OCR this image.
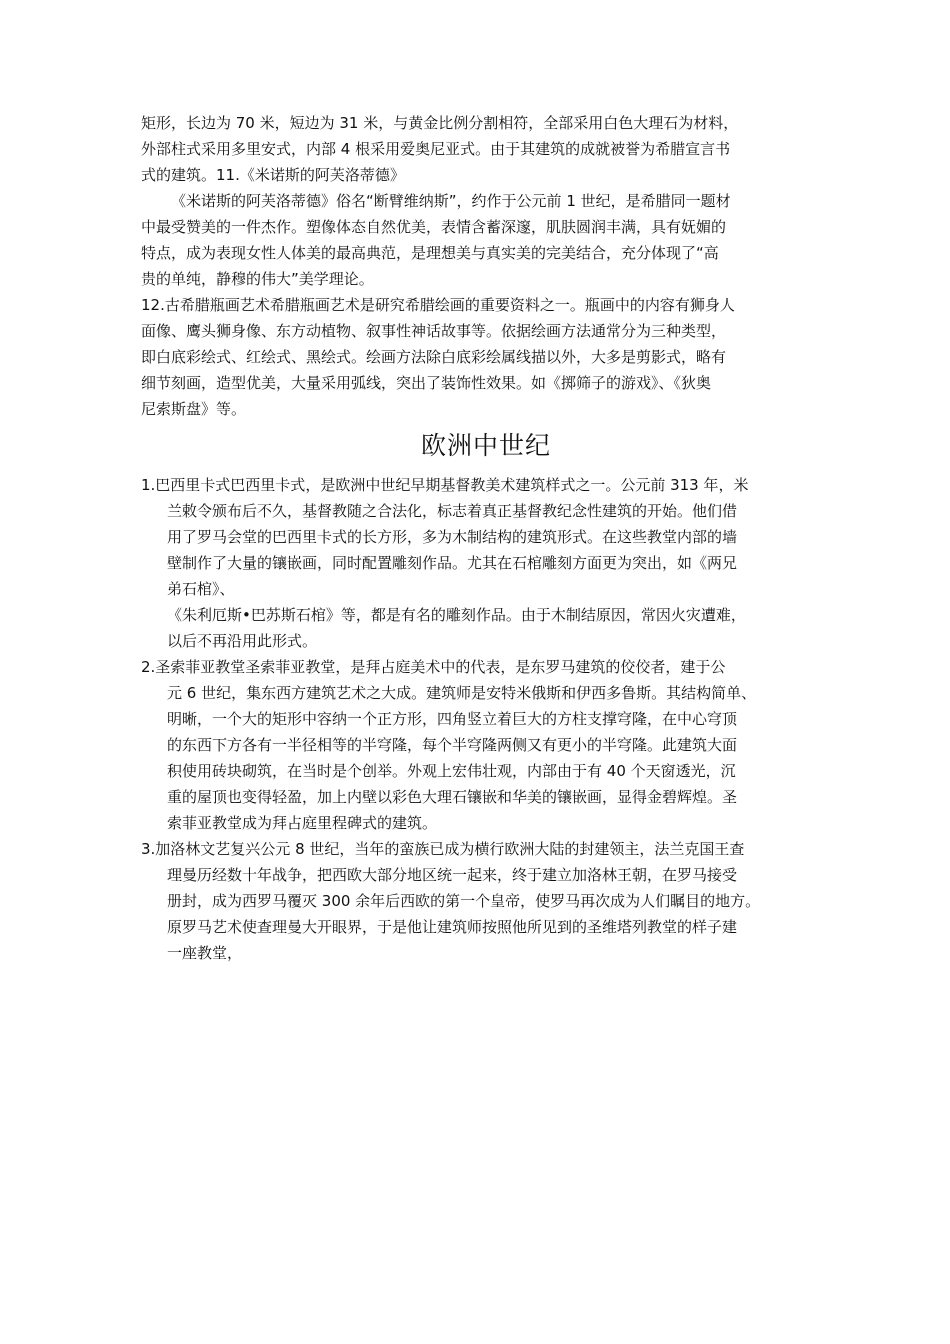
矩形，长边为 70 米，短边为 31 米，与黄金比例分割相符，全部采用白色大理石为材料，
外部柱式采用多里安式，内部 4 根采用爱奥尼亚式。由于其建筑的成就被誉为希腊宣言书
式的建筑。11.《米诺斯的阿芙洛蒂德》
《米诺斯的阿芙洛蒂德》俗名“断臂维纳斯”，约作于公元前 1 世纪，是希腊同一题材
中最受赞美的一件杰作。塑像体态自然优美，表情含蓄深邃，肌肤圆润丰满，具有妩媚的
特点，成为表现女性人体美的最高典范，是理想美与真实美的完美结合，充分体现了“高
贵的单纯，静穆的伟大”美学理论。
12.古希腊瓶画艺术希腊瓶画艺术是研究希腊绘画的重要资料之一。瓶画中的内容有狮身人
面像、鹰头狮身像、东方动植物、叙事性神话故事等。依据绘画方法通常分为三种类型，
即白底彩绘式、红绘式、黑绘式。绘画方法除白底彩绘属线描以外，大多是剪影式，略有
细节刻画，造型优美，大量采用弧线，突出了装饰性效果。如《掷筛子的游戏》、《狄奥
尼索斯盘》等。
欧洲中世纪
1.巴西里卡式巴西里卡式，是欧洲中世纪早期基督教美术建筑样式之一。公元前 313 年，米
兰敕令颁布后不久，基督教随之合法化，标志着真正基督教纪念性建筑的开始。他们借
用了罗马会堂的巴西里卡式的长方形，多为木制结构的建筑形式。在这些教堂内部的墙
壁制作了大量的镶嵌画，同时配置雕刻作品。尤其在石棺雕刻方面更为突出，如《两兄
弟石棺》、
《朱利厄斯•巴苏斯石棺》等，都是有名的雕刻作品。由于木制结原因，常因火灾遭难，
以后不再沿用此形式。
2.圣索菲亚教堂圣索菲亚教堂，是拜占庭美术中的代表，是东罗马建筑的佼佼者，建于公
元 6 世纪，集东西方建筑艺术之大成。建筑师是安特米俄斯和伊西多鲁斯。其结构简单、
明晰，一个大的矩形中容纳一个正方形，四角竖立着巨大的方柱支撑穹隆，在中心穹顶
的东西下方各有一半径相等的半穹隆，每个半穹隆两侧又有更小的半穹隆。此建筑大面
积使用砖块砌筑，在当时是个创举。外观上宏伟壮观，内部由于有 40 个天窗透光，沉
重的屋顶也变得轻盈，加上内壁以彩色大理石镶嵌和华美的镶嵌画，显得金碧辉煌。圣
索菲亚教堂成为拜占庭里程碑式的建筑。
3.加洛林文艺复兴公元 8 世纪，当年的蛮族已成为横行欧洲大陆的封建领主，法兰克国王查
理曼历经数十年战争，把西欧大部分地区统一起来，终于建立加洛林王朝，在罗马接受
册封，成为西罗马覆灭 300 余年后西欧的第一个皇帝，使罗马再次成为人们瞩目的地方。
原罗马艺术使查理曼大开眼界，于是他让建筑师按照他所见到的圣维塔列教堂的样子建
一座教堂，
